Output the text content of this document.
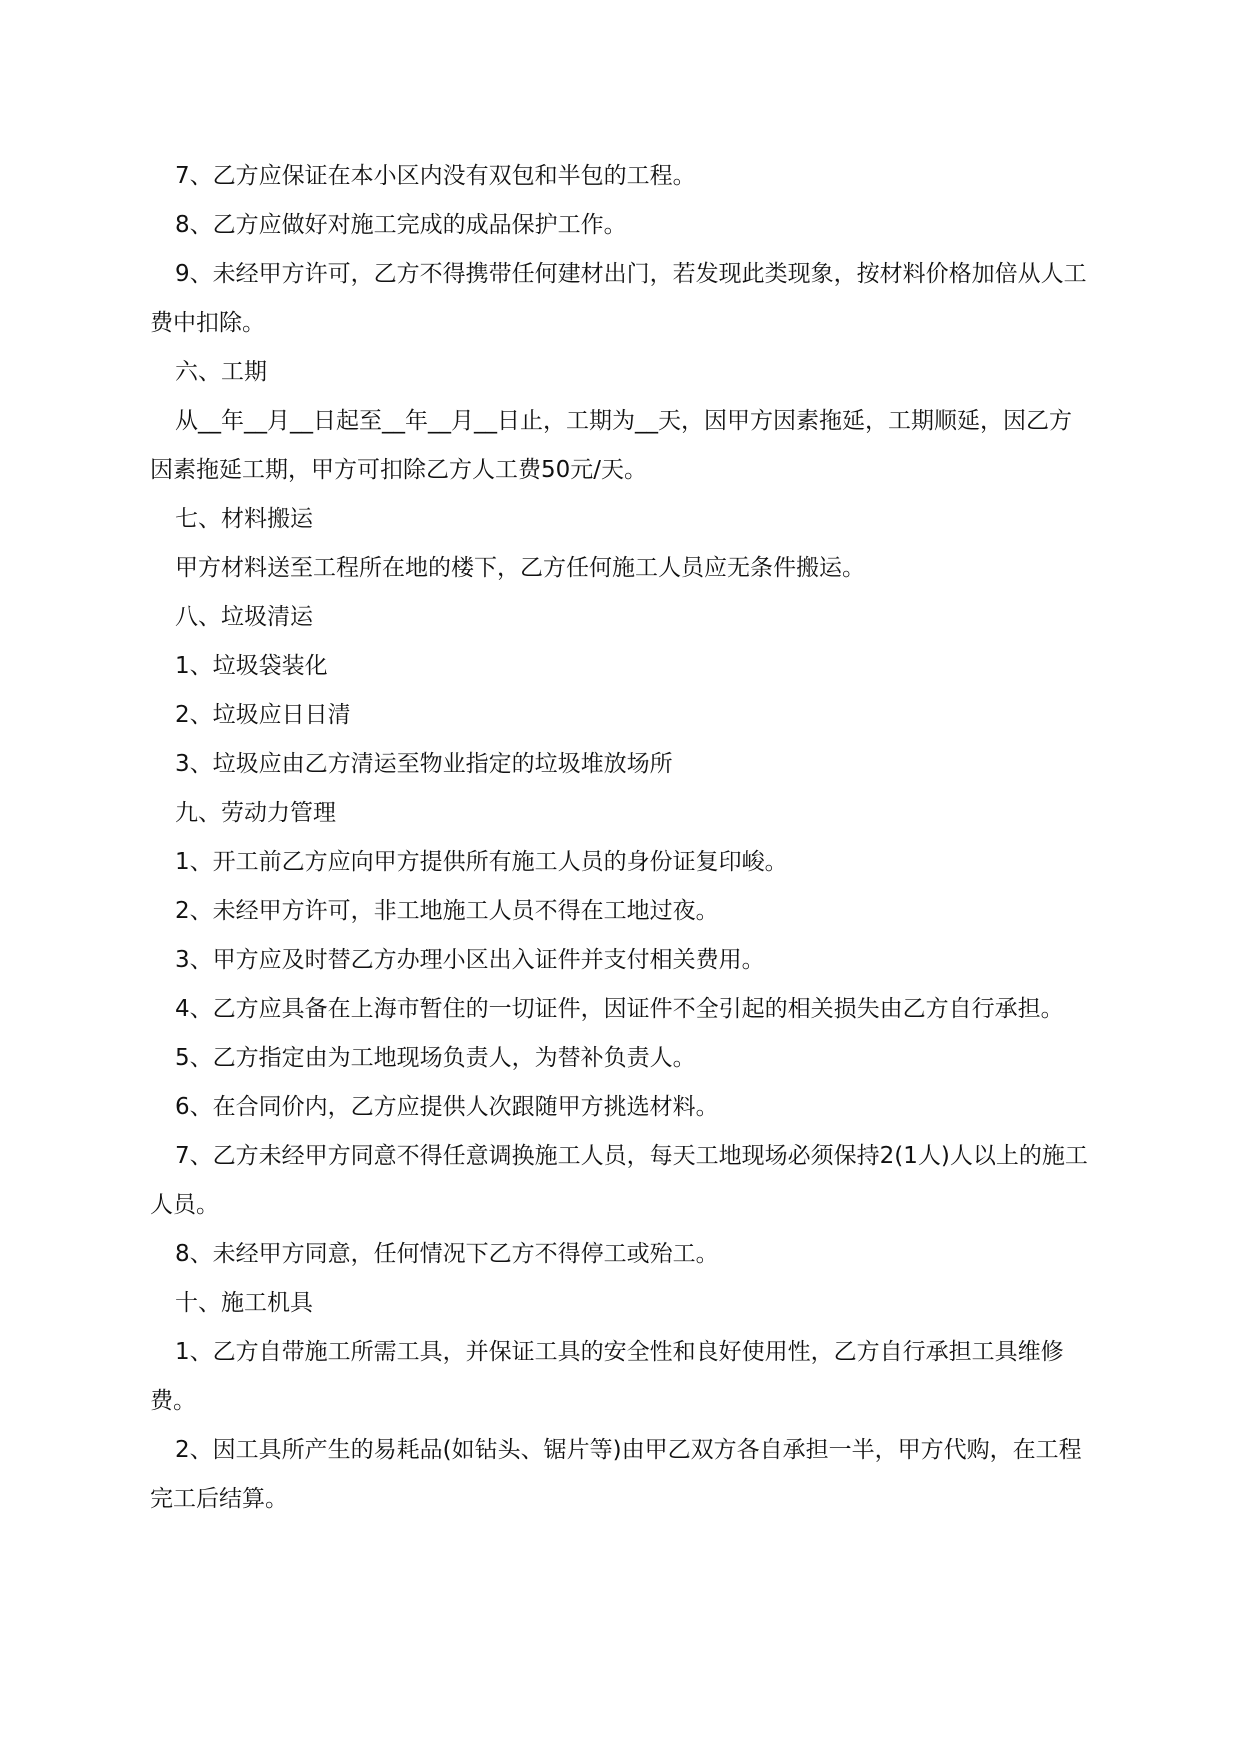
7、乙方应保证在本小区内没有双包和半包的工程。

8、乙方应做好对施工完成的成品保护工作。

9、未经甲方许可，乙方不得携带任何建材出门，若发现此类现象，按材料价格加倍从人工费中扣除。

六、工期

从__年__月__日起至__年__月__日止，工期为__天，因甲方因素拖延，工期顺延，因乙方因素拖延工期，甲方可扣除乙方人工费50元/天。

七、材料搬运

甲方材料送至工程所在地的楼下，乙方任何施工人员应无条件搬运。

八、垃圾清运

1、垃圾袋装化

2、垃圾应日日清

3、垃圾应由乙方清运至物业指定的垃圾堆放场所

九、劳动力管理

1、开工前乙方应向甲方提供所有施工人员的身份证复印峻。

2、未经甲方许可，非工地施工人员不得在工地过夜。

3、甲方应及时替乙方办理小区出入证件并支付相关费用。

4、乙方应具备在上海市暂住的一切证件，因证件不全引起的相关损失由乙方自行承担。

5、乙方指定由为工地现场负责人，为替补负责人。

6、在合同价内，乙方应提供人次跟随甲方挑选材料。

7、乙方未经甲方同意不得任意调换施工人员，每天工地现场必须保持2(1人)人以上的施工人员。

8、未经甲方同意，任何情况下乙方不得停工或殆工。

十、施工机具

1、乙方自带施工所需工具，并保证工具的安全性和良好使用性，乙方自行承担工具维修费。

2、因工具所产生的易耗品(如钻头、锯片等)由甲乙双方各自承担一半，甲方代购，在工程完工后结算。
